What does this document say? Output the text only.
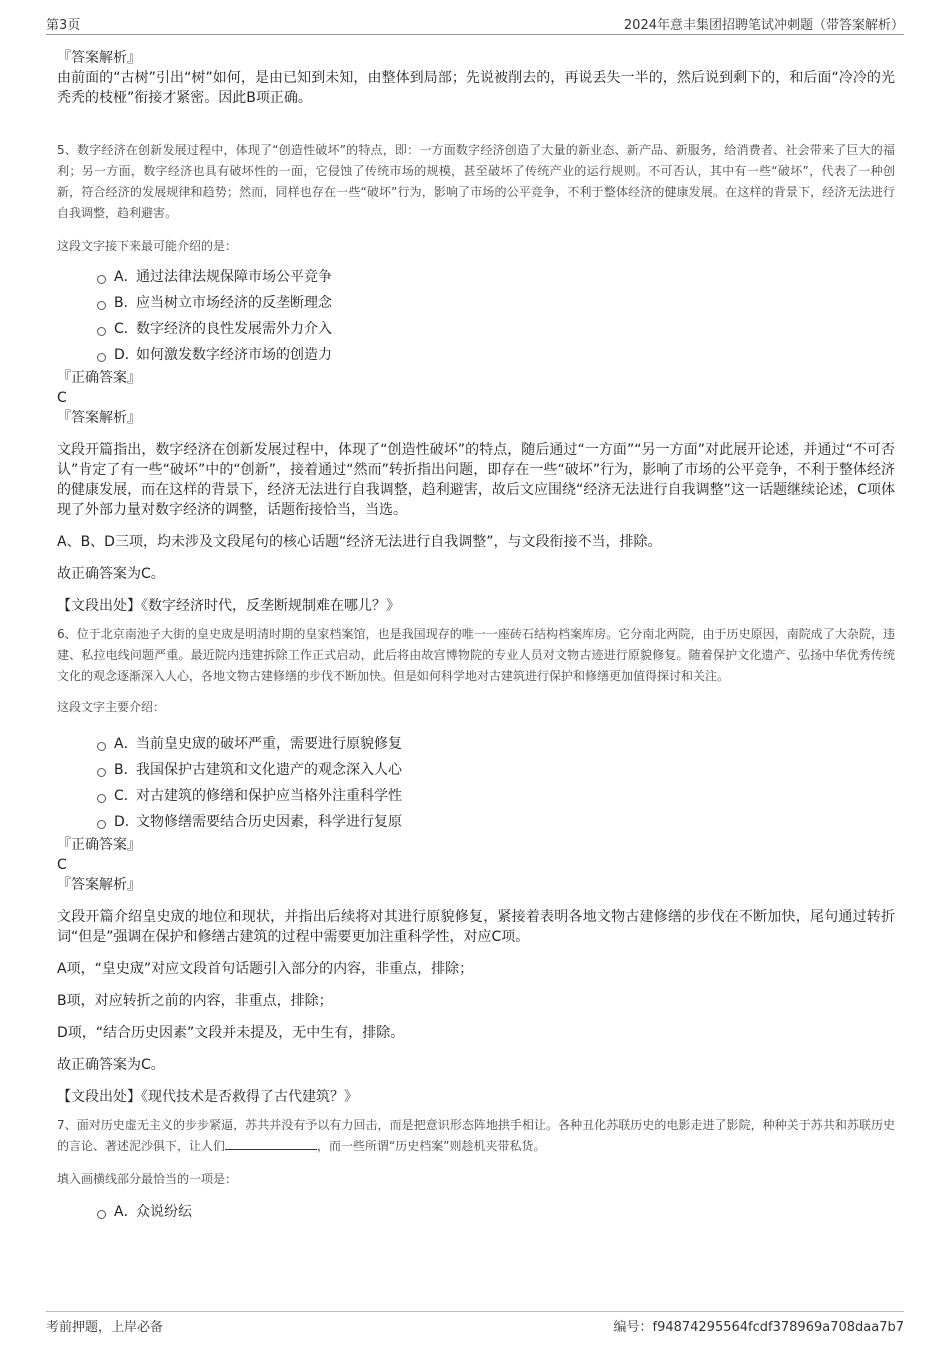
第3页	2024年意丰集团招聘笔试冲刺题（带答案解析）

『答案解析』

由前面的“古树”引出“树”如何，是由已知到未知，由整体到局部；先说被削去的，再说丢失一半的，然后说到剩下的，和后面“冷冷的光秃秃的枝桠”衔接才紧密。因此B项正确。

5、数字经济在创新发展过程中，体现了“创造性破坏”的特点，即：一方面数字经济创造了大量的新业态、新产品、新服务，给消费者、社会带来了巨大的福利；另一方面，数字经济也具有破坏性的一面，它侵蚀了传统市场的规模，甚至破坏了传统产业的运行规则。不可否认，其中有一些“破坏”，代表了一种创新，符合经济的发展规律和趋势；然而，同样也存在一些“破坏”行为，影响了市场的公平竞争，不利于整体经济的健康发展。在这样的背景下，经济无法进行自我调整，趋利避害。

这段文字接下来最可能介绍的是：

A．
通过法律法规保障市场公平竞争
B．
应当树立市场经济的反垄断理念
C．
数字经济的良性发展需外力介入
D．
如何激发数字经济市场的创造力

『正确答案』

C

『答案解析』

文段开篇指出，数字经济在创新发展过程中，体现了“创造性破坏”的特点，随后通过“一方面”“另一方面”对此展开论述，并通过“不可否认”肯定了有一些“破坏”中的“创新”，接着通过“然而”转折指出问题，即存在一些“破坏”行为，影响了市场的公平竞争，不利于整体经济的健康发展，而在这样的背景下，经济无法进行自我调整，趋利避害，故后文应围绕“经济无法进行自我调整”这一话题继续论述，C项体现了外部力量对数字经济的调整，话题衔接恰当，当选。

A、B、D三项，均未涉及文段尾句的核心话题“经济无法进行自我调整”，与文段衔接不当，排除。

故正确答案为C。

【文段出处】《数字经济时代，反垄断规制难在哪儿？》

6、位于北京南池子大街的皇史宬是明清时期的皇家档案馆，也是我国现存的唯一一座砖石结构档案库房。它分南北两院，由于历史原因，南院成了大杂院，违建、私拉电线问题严重。最近院内违建拆除工作正式启动，此后将由故宫博物院的专业人员对文物古迹进行原貌修复。随着保护文化遗产、弘扬中华优秀传统文化的观念逐渐深入人心，各地文物古建修缮的步伐不断加快。但是如何科学地对古建筑进行保护和修缮更加值得探讨和关注。

这段文字主要介绍：

A．
当前皇史宬的破坏严重，需要进行原貌修复
B．
我国保护古建筑和文化遗产的观念深入人心
C．
对古建筑的修缮和保护应当格外注重科学性
D．
文物修缮需要结合历史因素，科学进行复原

『正确答案』

C

『答案解析』

文段开篇介绍皇史宬的地位和现状，并指出后续将对其进行原貌修复，紧接着表明各地文物古建修缮的步伐在不断加快，尾句通过转折词“但是”强调在保护和修缮古建筑的过程中需要更加注重科学性，对应C项。

A项，“皇史宬”对应文段首句话题引入部分的内容，非重点，排除；

B项，对应转折之前的内容，非重点，排除；

D项，“结合历史因素”文段并未提及，无中生有，排除。

故正确答案为C。

【文段出处】《现代技术是否救得了古代建筑？》

7、面对历史虚无主义的步步紧逼，苏共并没有予以有力回击，而是把意识形态阵地拱手相让。各种丑化苏联历史的电影走进了影院，种种关于苏共和苏联历史的言论、著述泥沙俱下，让人们	，而一些所谓“历史档案”则趁机夹带私货。

填入画横线部分最恰当的一项是：

A．
众说纷纭
考前押题，上岸必备	编号：f94874295564fcdf378969a708daa7b7
